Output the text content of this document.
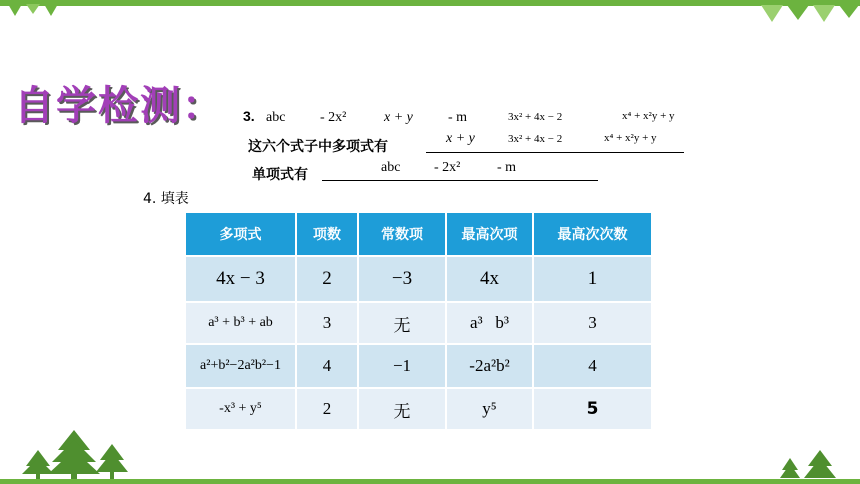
自学检测： 3. abc - 2x²	x + y	- m	3x² + 4x − 2	x⁴ + x²y + y
这六个式子中多项式有
x + y	3x² + 4x − 2	x⁴ + x²y + y
单项式有	abc - 2x²	- m
4. 填表
多项式	项数	常数项	最高次项	最高次次数
4x − 3	2	−3	4x	1
a³ + b³ + ab	3	无	a³   b³	3
a²+b²−2a²b²−1	4	−1	-2a²b²	4
-x³ + y⁵	2	无	y⁵	5
